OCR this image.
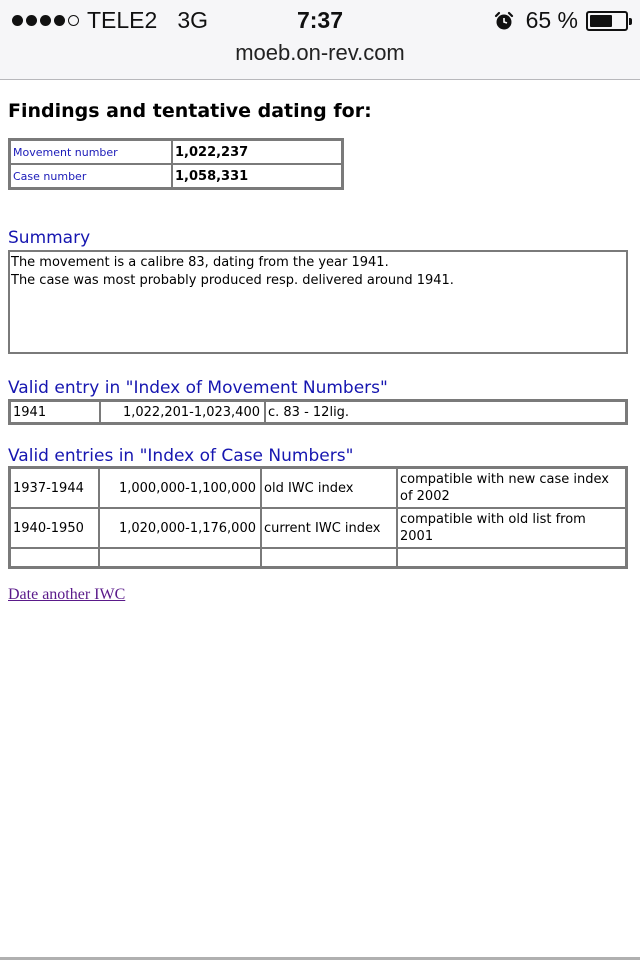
TELE2 3G	7:37	65 %
moeb.on-rev.com
Findings and tentative dating for:
Movement number	1,022,237
Case number	1,058,331
Summary
The movement is a calibre 83, dating from the year 1941.
The case was most probably produced resp. delivered around 1941.
Valid entry in "Index of Movement Numbers"
1941	1,022,201-1,023,400	c. 83 - 12lig.
Valid entries in "Index of Case Numbers"
1937-1944	1,000,000-1,100,000	old IWC index	compatible with new case index of 2002
1940-1950	1,020,000-1,176,000	current IWC index	compatible with old list from 2001

Date another IWC
